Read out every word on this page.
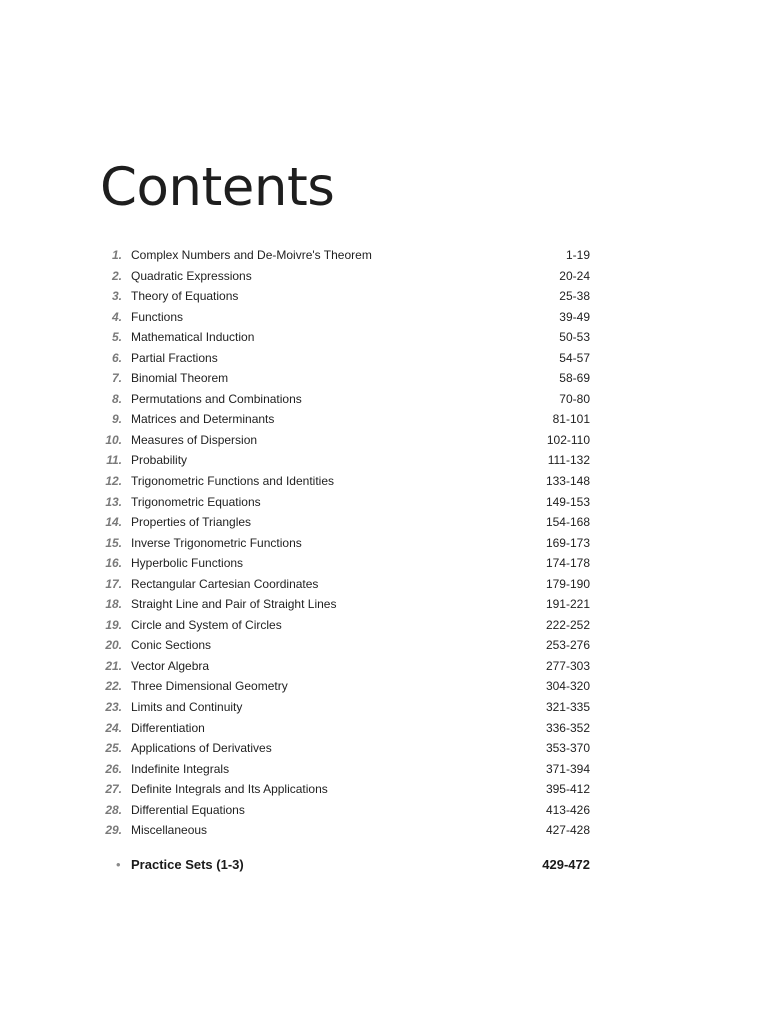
Contents
1. Complex Numbers and De-Moivre's Theorem	1-19
2. Quadratic Expressions	20-24
3. Theory of Equations	25-38
4. Functions	39-49
5. Mathematical Induction	50-53
6. Partial Fractions	54-57
7. Binomial Theorem	58-69
8. Permutations and Combinations	70-80
9. Matrices and Determinants	81-101
10. Measures of Dispersion	102-110
11. Probability	111-132
12. Trigonometric Functions and Identities	133-148
13. Trigonometric Equations	149-153
14. Properties of Triangles	154-168
15. Inverse Trigonometric Functions	169-173
16. Hyperbolic Functions	174-178
17. Rectangular Cartesian Coordinates	179-190
18. Straight Line and Pair of Straight Lines	191-221
19. Circle and System of Circles	222-252
20. Conic Sections	253-276
21. Vector Algebra	277-303
22. Three Dimensional Geometry	304-320
23. Limits and Continuity	321-335
24. Differentiation	336-352
25. Applications of Derivatives	353-370
26. Indefinite Integrals	371-394
27. Definite Integrals and Its Applications	395-412
28. Differential Equations	413-426
29. Miscellaneous	427-428
• Practice Sets (1-3)	429-472
